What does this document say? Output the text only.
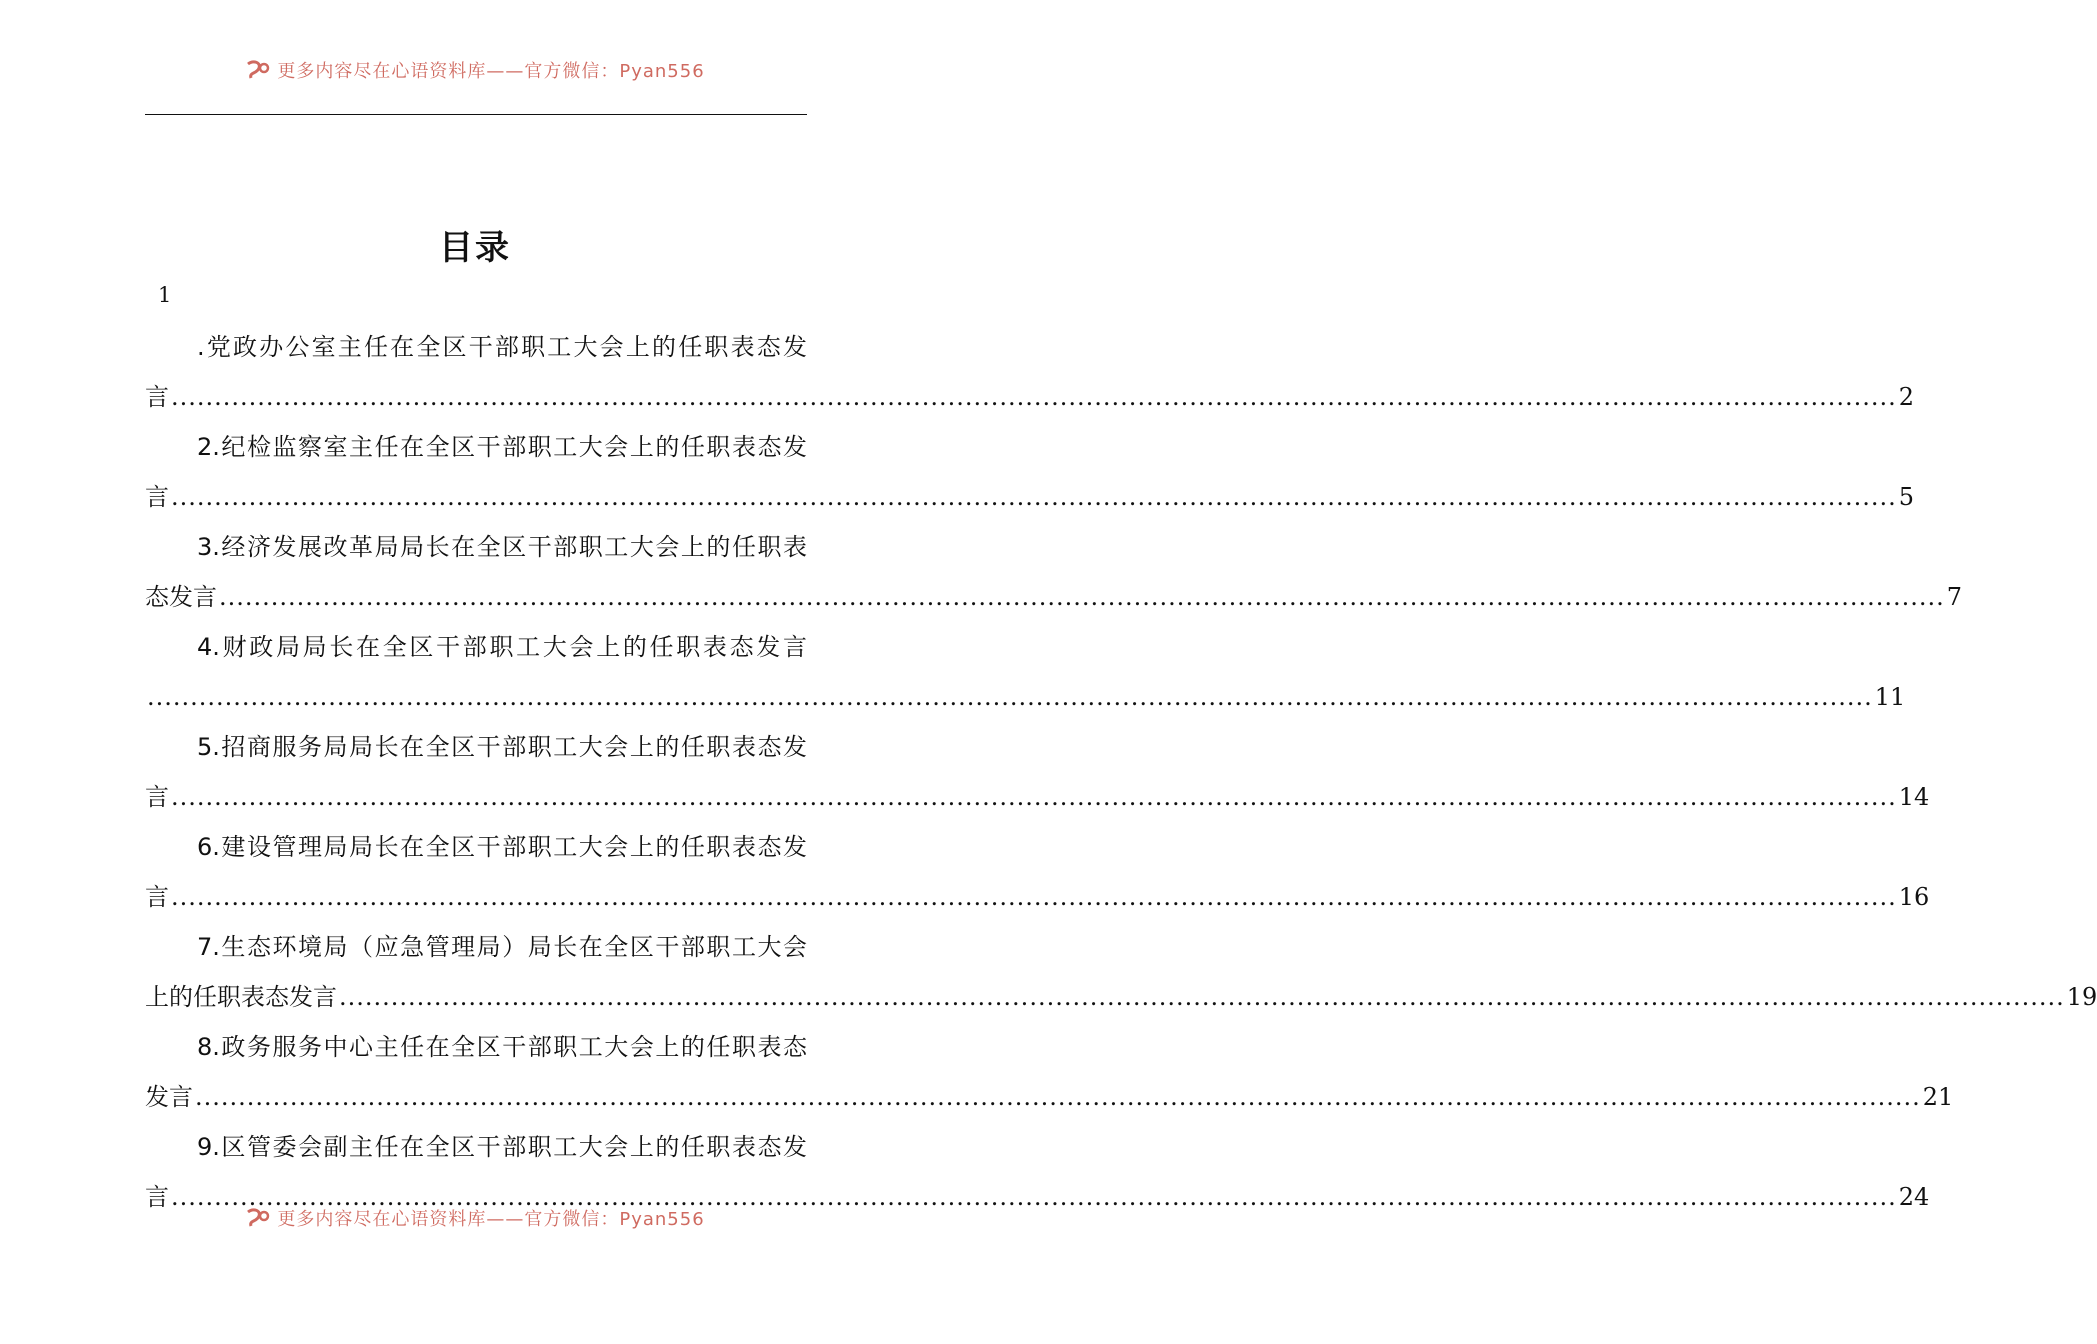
更多内容尽在心语资料库——官方微信：Pyan556
目录
1
.党政办公室主任在全区干部职工大会上的任职表态发
言 ........................................................................................................................................................................................................ 2
2.纪检监察室主任在全区干部职工大会上的任职表态发
言 ........................................................................................................................................................................................................ 5
3.经济发展改革局局长在全区干部职工大会上的任职表
态发言 ........................................................................................................................................................................................................ 7
4.财政局局长在全区干部职工大会上的任职表态发言
........................................................................................................................................................................................................ 11
5.招商服务局局长在全区干部职工大会上的任职表态发
言 ........................................................................................................................................................................................................ 14
6.建设管理局局长在全区干部职工大会上的任职表态发
言 ........................................................................................................................................................................................................ 16
7.生态环境局（应急管理局）局长在全区干部职工大会
上的任职表态发言 ........................................................................................................................................................................................................ 19
8.政务服务中心主任在全区干部职工大会上的任职表态
发言 ........................................................................................................................................................................................................ 21
9.区管委会副主任在全区干部职工大会上的任职表态发
言 ........................................................................................................................................................................................................ 24
更多内容尽在心语资料库——官方微信：Pyan556
